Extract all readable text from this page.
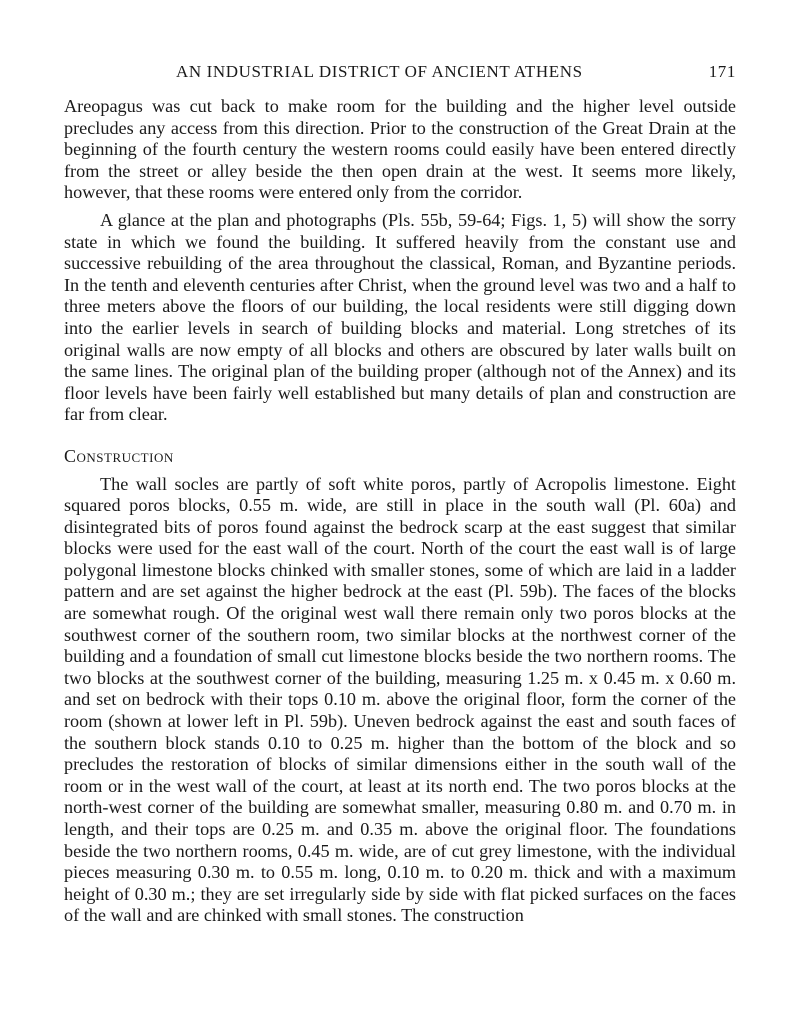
AN INDUSTRIAL DISTRICT OF ANCIENT ATHENS	171

Areopagus was cut back to make room for the building and the higher level outside precludes any access from this direction. Prior to the construction of the Great Drain at the beginning of the fourth century the western rooms could easily have been entered directly from the street or alley beside the then open drain at the west. It seems more likely, however, that these rooms were entered only from the corridor.

A glance at the plan and photographs (Pls. 55b, 59-64; Figs. 1, 5) will show the sorry state in which we found the building. It suffered heavily from the constant use and successive rebuilding of the area throughout the classical, Roman, and Byzantine periods. In the tenth and eleventh centuries after Christ, when the ground level was two and a half to three meters above the floors of our building, the local residents were still digging down into the earlier levels in search of building blocks and material. Long stretches of its original walls are now empty of all blocks and others are obscured by later walls built on the same lines. The original plan of the building proper (although not of the Annex) and its floor levels have been fairly well established but many details of plan and construction are far from clear.

Construction

The wall socles are partly of soft white poros, partly of Acropolis limestone. Eight squared poros blocks, 0.55 m. wide, are still in place in the south wall (Pl. 60a) and disintegrated bits of poros found against the bedrock scarp at the east suggest that similar blocks were used for the east wall of the court. North of the court the east wall is of large polygonal limestone blocks chinked with smaller stones, some of which are laid in a ladder pattern and are set against the higher bedrock at the east (Pl. 59b). The faces of the blocks are somewhat rough. Of the original west wall there remain only two poros blocks at the southwest corner of the southern room, two similar blocks at the northwest corner of the building and a foundation of small cut limestone blocks beside the two northern rooms. The two blocks at the southwest corner of the building, measuring 1.25 m. x 0.45 m. x 0.60 m. and set on bedrock with their tops 0.10 m. above the original floor, form the corner of the room (shown at lower left in Pl. 59b). Uneven bedrock against the east and south faces of the southern block stands 0.10 to 0.25 m. higher than the bottom of the block and so precludes the restoration of blocks of similar dimensions either in the south wall of the room or in the west wall of the court, at least at its north end. The two poros blocks at the north-west corner of the building are somewhat smaller, measuring 0.80 m. and 0.70 m. in length, and their tops are 0.25 m. and 0.35 m. above the original floor. The foundations beside the two northern rooms, 0.45 m. wide, are of cut grey limestone, with the individual pieces measuring 0.30 m. to 0.55 m. long, 0.10 m. to 0.20 m. thick and with a maximum height of 0.30 m.; they are set irregularly side by side with flat picked surfaces on the faces of the wall and are chinked with small stones. The construction
